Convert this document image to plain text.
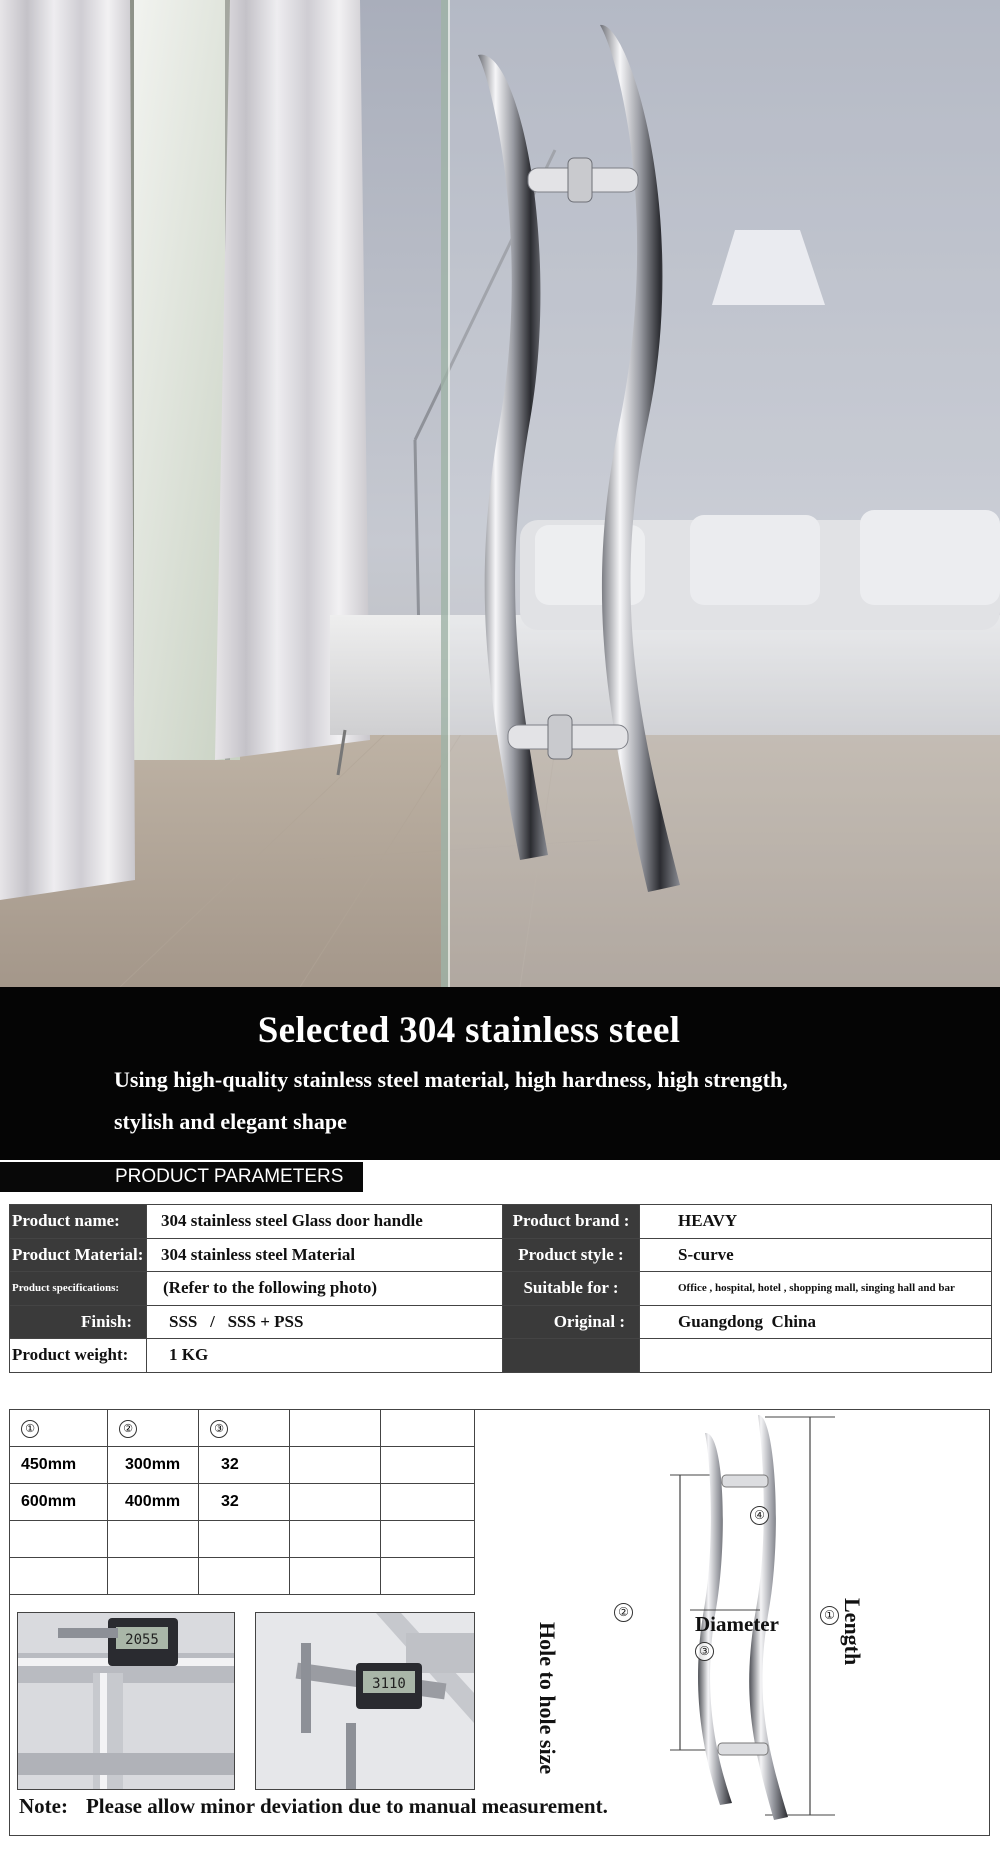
Selected 304 stainless steel
Using high-quality stainless steel material, high hardness, high strength,
stylish and elegant shape
PRODUCT PARAMETERS
Product name:	304 stainless steel Glass door handle	Product brand :	HEAVY
Product Material:	304 stainless steel Material	Product style :	S-curve
Product specifications:	(Refer to the following photo)	Suitable for :	Office , hospital, hotel , shopping mall, singing hall and bar
Finish:	SSS   /   SSS + PSS	Original :	Guangdong  China
Product weight:	1 KG		
①	②	③		
450mm	300mm	32		
600mm	400mm	32		

2055
3110
④
③
②	①
Diameter
Hole to hole size	Length
Note: Please allow minor deviation due to manual measurement.
